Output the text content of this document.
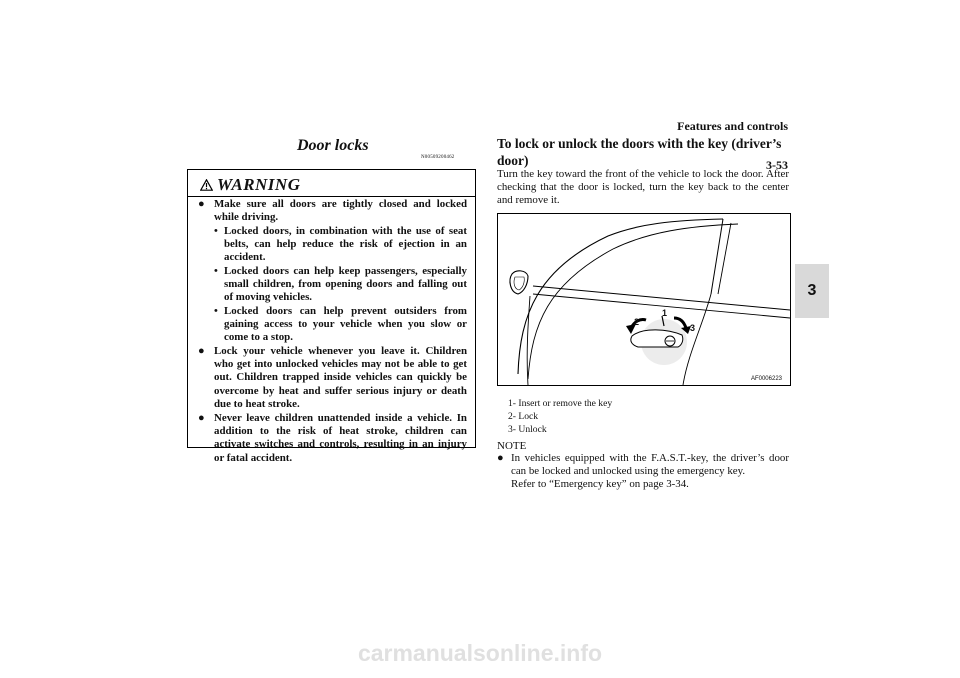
Features and controls
3-53
3
Door locks
N00509200462
WARNING
● Make sure all doors are tightly closed and locked while driving.
• Locked doors, in combination with the use of seat belts, can help reduce the risk of ejection in an accident.
• Locked doors can help keep passengers, especially small children, from opening doors and falling out of moving vehicles.
• Locked doors can help prevent outsiders from gaining access to your vehicle when you slow or come to a stop.
● Lock your vehicle whenever you leave it. Children who get into unlocked vehicles may not be able to get out. Children trapped inside vehicles can quickly be overcome by heat and suffer serious injury or death due to heat stroke.
● Never leave children unattended inside a vehicle. In addition to the risk of heat stroke, children can activate switches and controls, resulting in an injury or fatal accident.
To lock or unlock the doors with the key (driver’s door)
Turn the key toward the front of the vehicle to lock the door. After checking that the door is locked, turn the key back to the center and remove it.
1
2
3
AF0006223
1- Insert or remove the key
2- Lock
3- Unlock
NOTE
● In vehicles equipped with the F.A.S.T.-key, the driver’s door can be locked and unlocked using the emergency key.
Refer to “Emergency key” on page 3-34.
carmanualsonline.info
